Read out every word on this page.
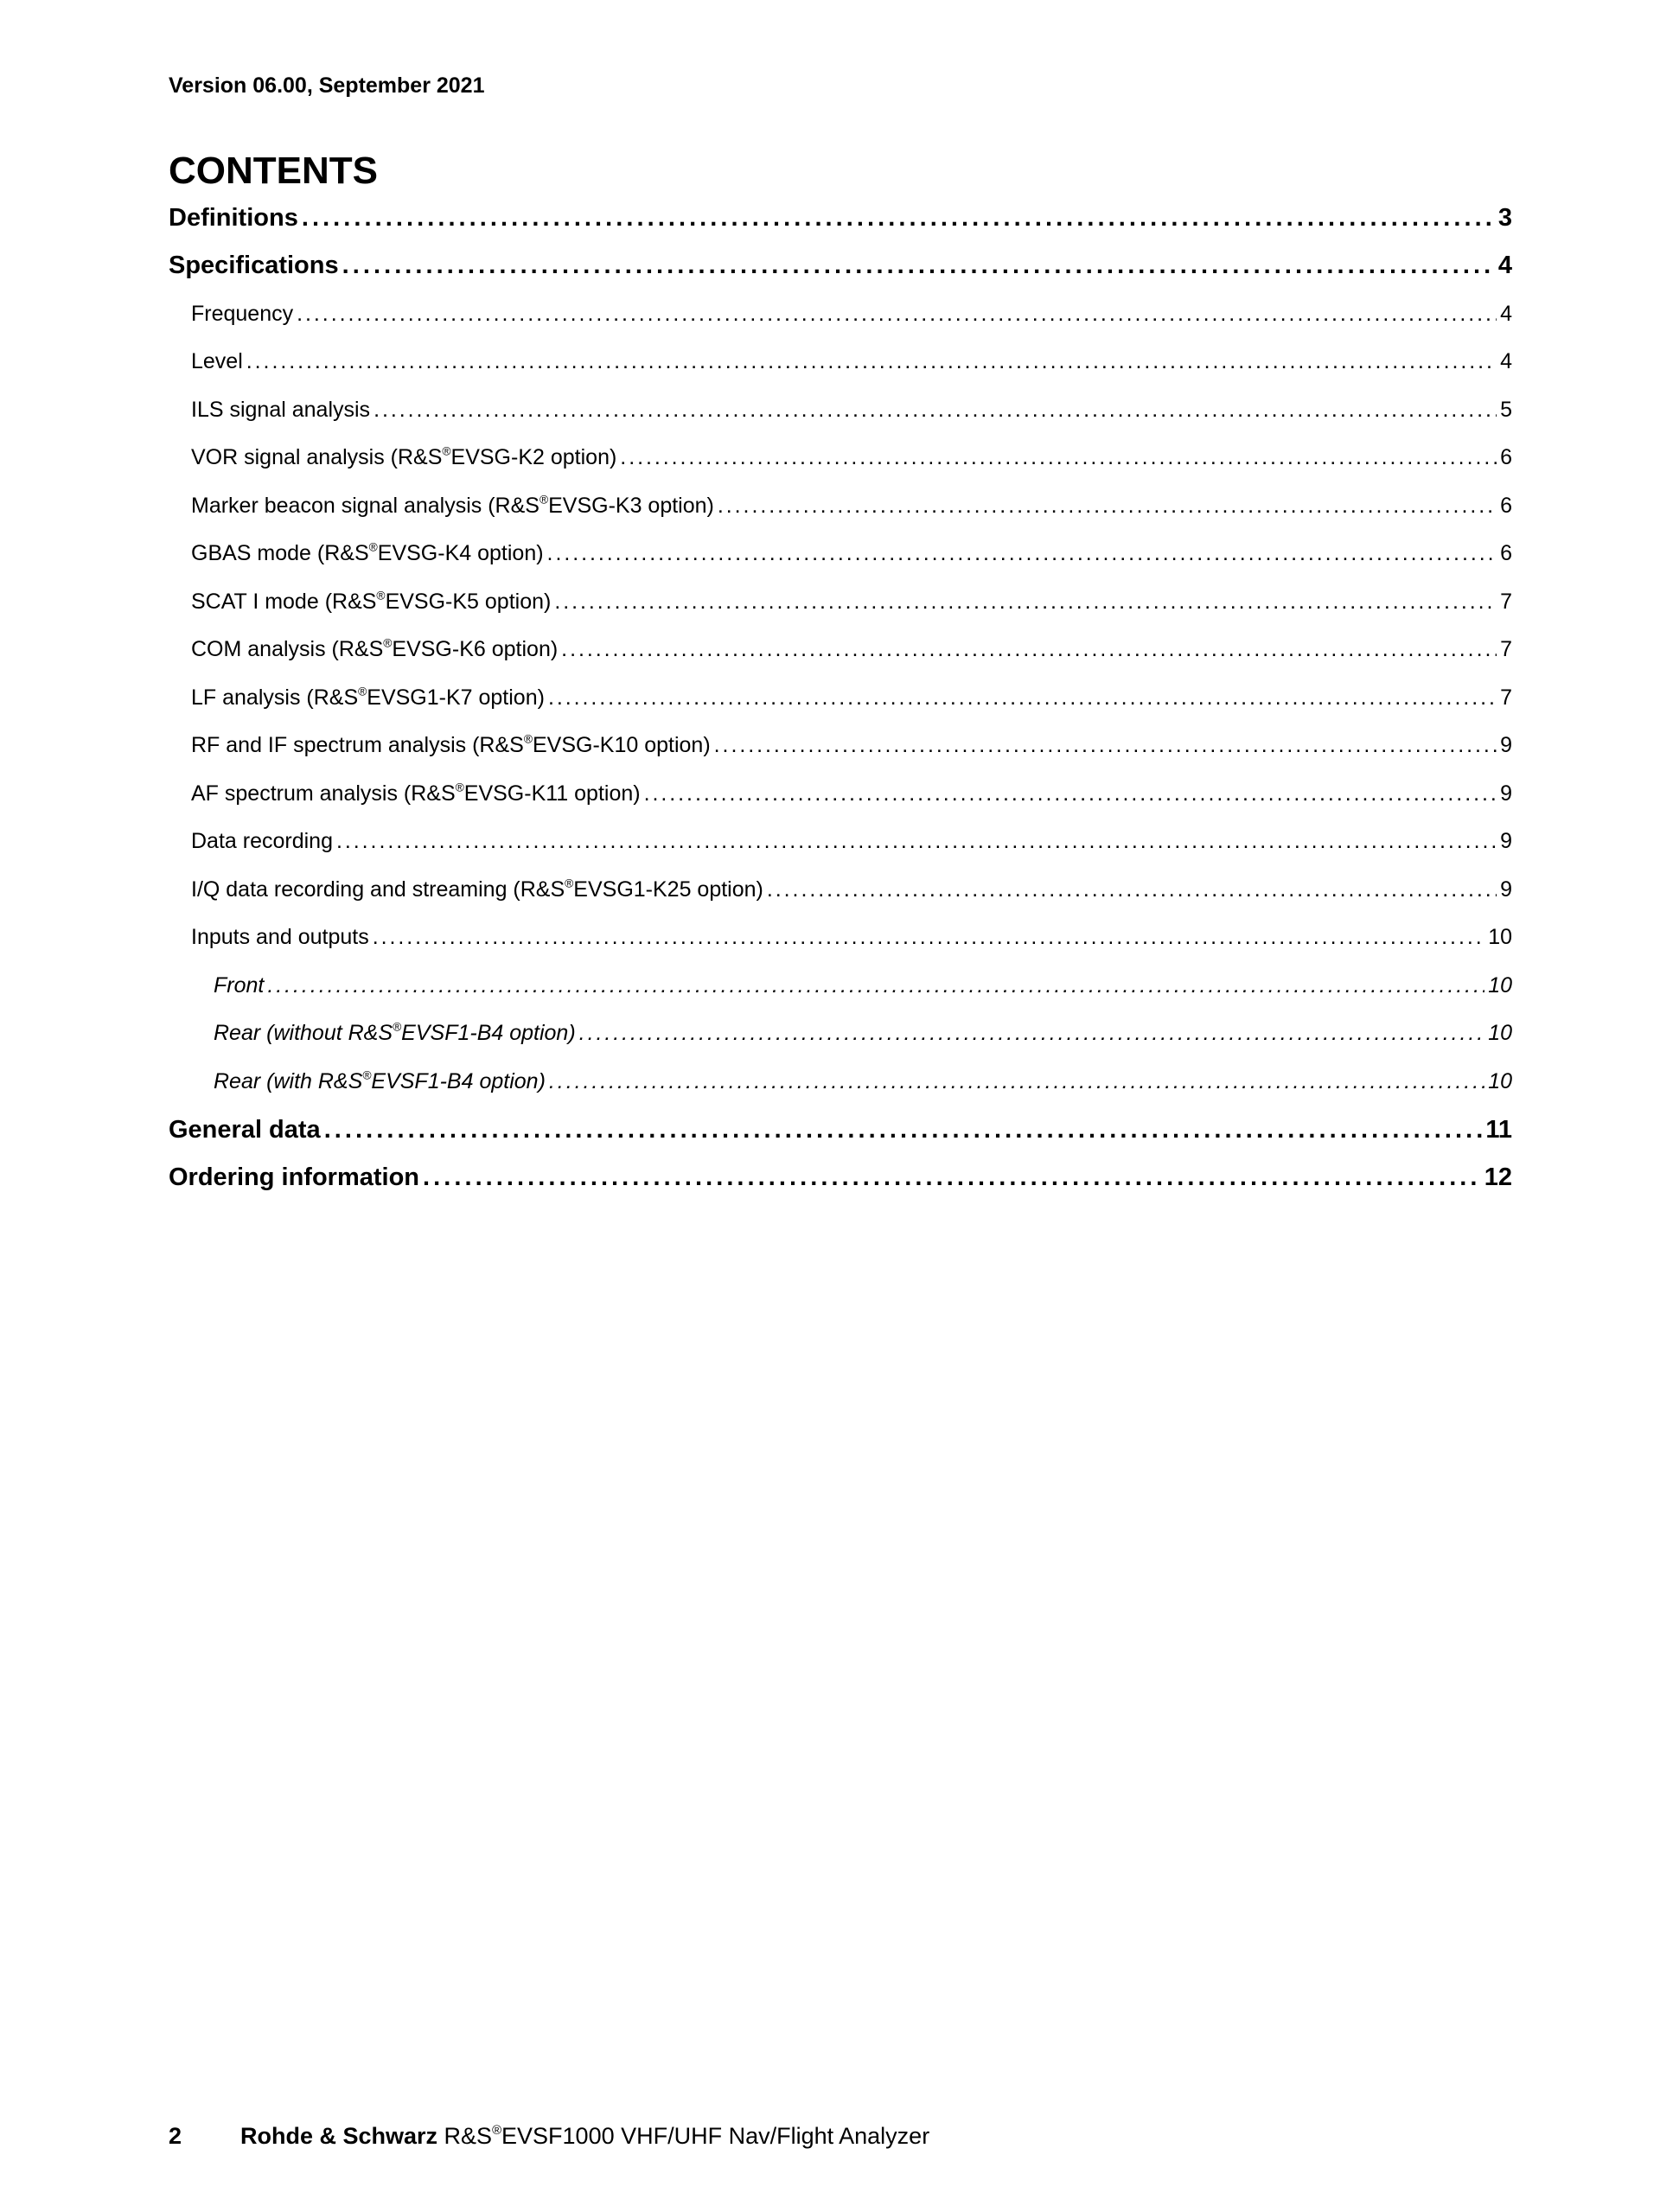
Version 06.00, September 2021
CONTENTS
Definitions . . .	3
Specifications . . .	4
Frequency . . .	4
Level . . .	4
ILS signal analysis . . .	5
VOR signal analysis (R&S®EVSG-K2 option) . . .	6
Marker beacon signal analysis (R&S®EVSG-K3 option) . . .	6
GBAS mode (R&S®EVSG-K4 option) . . .	6
SCAT I mode (R&S®EVSG-K5 option) . . .	7
COM analysis (R&S®EVSG-K6 option) . . .	7
LF analysis (R&S®EVSG1-K7 option) . . .	7
RF and IF spectrum analysis (R&S®EVSG-K10 option) . . .	9
AF spectrum analysis (R&S®EVSG-K11 option) . . .	9
Data recording . . .	9
I/Q data recording and streaming (R&S®EVSG1-K25 option) . . .	9
Inputs and outputs . . .	10
Front . . .	10
Rear (without R&S®EVSF1-B4 option) . . .	10
Rear (with R&S®EVSF1-B4 option) . . .	10
General data . . .	11
Ordering information . . .	12
2	Rohde & Schwarz R&S®EVSF1000 VHF/UHF Nav/Flight Analyzer
